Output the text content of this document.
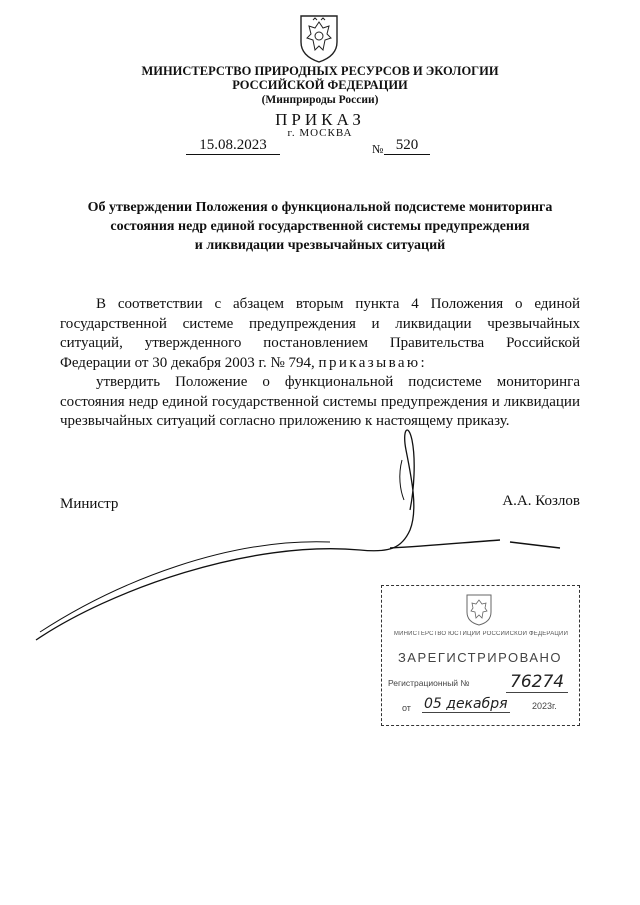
МИНИСТЕРСТВО ПРИРОДНЫХ РЕСУРСОВ И ЭКОЛОГИИ
РОССИЙСКОЙ ФЕДЕРАЦИИ
(Минприроды России)
ПРИКАЗ
г. МОСКВА
15.08.2023	№ 520
Об утверждении Положения о функциональной подсистеме мониторинга
состояния недр единой государственной системы предупреждения
и ликвидации чрезвычайных ситуаций
В соответствии с абзацем вторым пункта 4 Положения о единой государственной системе предупреждения и ликвидации чрезвычайных ситуаций, утвержденного постановлением Правительства Российской Федерации от 30 декабря 2003 г. № 794, приказываю:
утвердить Положение о функциональной подсистеме мониторинга состояния недр единой государственной системы предупреждения и ликвидации чрезвычайных ситуаций согласно приложению к настоящему приказу.
Министр	А.А. Козлов
МИНИСТЕРСТВО ЮСТИЦИИ РОССИЙСКОЙ ФЕДЕРАЦИИ
ЗАРЕГИСТРИРОВАНО
Регистрационный № 76274
от 05 декабря	2023г.
